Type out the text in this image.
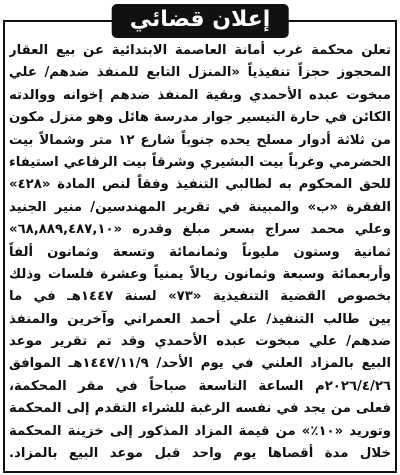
إعلان قضائي
تعلن محكمة غرب أمانة العاصمة الابتدائية عن بيع العقار
المحجوز حجزاً تنفيذياً «المنزل التابع للمنفذ ضدهم/ علي
مبخوت عبده الأحمدي وبقية المنفذ ضدهم إخوانه ووالدته
الكائن في حارة التيسير جوار مدرسة هائل وهو منزل مكون
من ثلاثة أدوار مسلح يحده جنوباً شارع ١٢ متر وشمالاً بيت
الحضرمي وغرباً بيت البشيري وشرقاً بيت الرفاعي استيفاء
للحق المحكوم به لطالبي التنفيذ وفقاً لنص المادة «٤٢٨»
الفقرة «ب» والمبينة في تقرير المهندسين/ منير الجنيد
وعلي محمد سراج بسعر مبلغ وقدره «٦٨,٨٨٩,٤٨٧,١٠»
ثمانية وستون مليوناً وثمانمائة وتسعة وثمانون ألفاً
وأربعمائة وسبعة وثمانون ريالاً يمنياً وعشرة فلسات وذلك
بخصوص القضية التنفيذية «٧٣» لسنة ١٤٤٧هـ في ما
بين طالب التنفيذ/ علي أحمد العمراني وآخرين والمنفذ
ضدهم/ علي مبخوت عبده الأحمدي وقد تم تقرير موعد
البيع بالمزاد العلني في يوم الأحد/ ١٤٤٧/١١/٩هـ الموافق
٢٠٢٦/٤/٢٦م الساعة التاسعة صباحاً في مقر المحكمة،
فعلى من يجد في نفسه الرغبة للشراء التقدم إلى المحكمة
وتوريد «١٠٪» من قيمة المزاد المذكور إلى خزينة المحكمة
خلال مدة أقصاها يوم واحد قبل موعد البيع بالمزاد.
